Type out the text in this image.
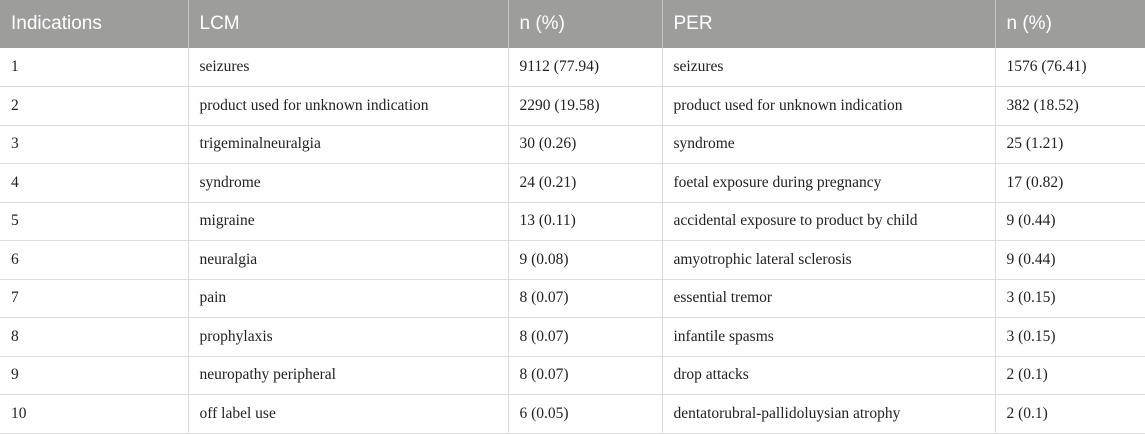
Indications	LCM	n (%)	PER	n (%)
1	seizures	9112 (77.94)	seizures	1576 (76.41)
2	product used for unknown indication	2290 (19.58)	product used for unknown indication	382 (18.52)
3	trigeminalneuralgia	30 (0.26)	syndrome	25 (1.21)
4	syndrome	24 (0.21)	foetal exposure during pregnancy	17 (0.82)
5	migraine	13 (0.11)	accidental exposure to product by child	9 (0.44)
6	neuralgia	9 (0.08)	amyotrophic lateral sclerosis	9 (0.44)
7	pain	8 (0.07)	essential tremor	3 (0.15)
8	prophylaxis	8 (0.07)	infantile spasms	3 (0.15)
9	neuropathy peripheral	8 (0.07)	drop attacks	2 (0.1)
10	off label use	6 (0.05)	dentatorubral-pallidoluysian atrophy	2 (0.1)
